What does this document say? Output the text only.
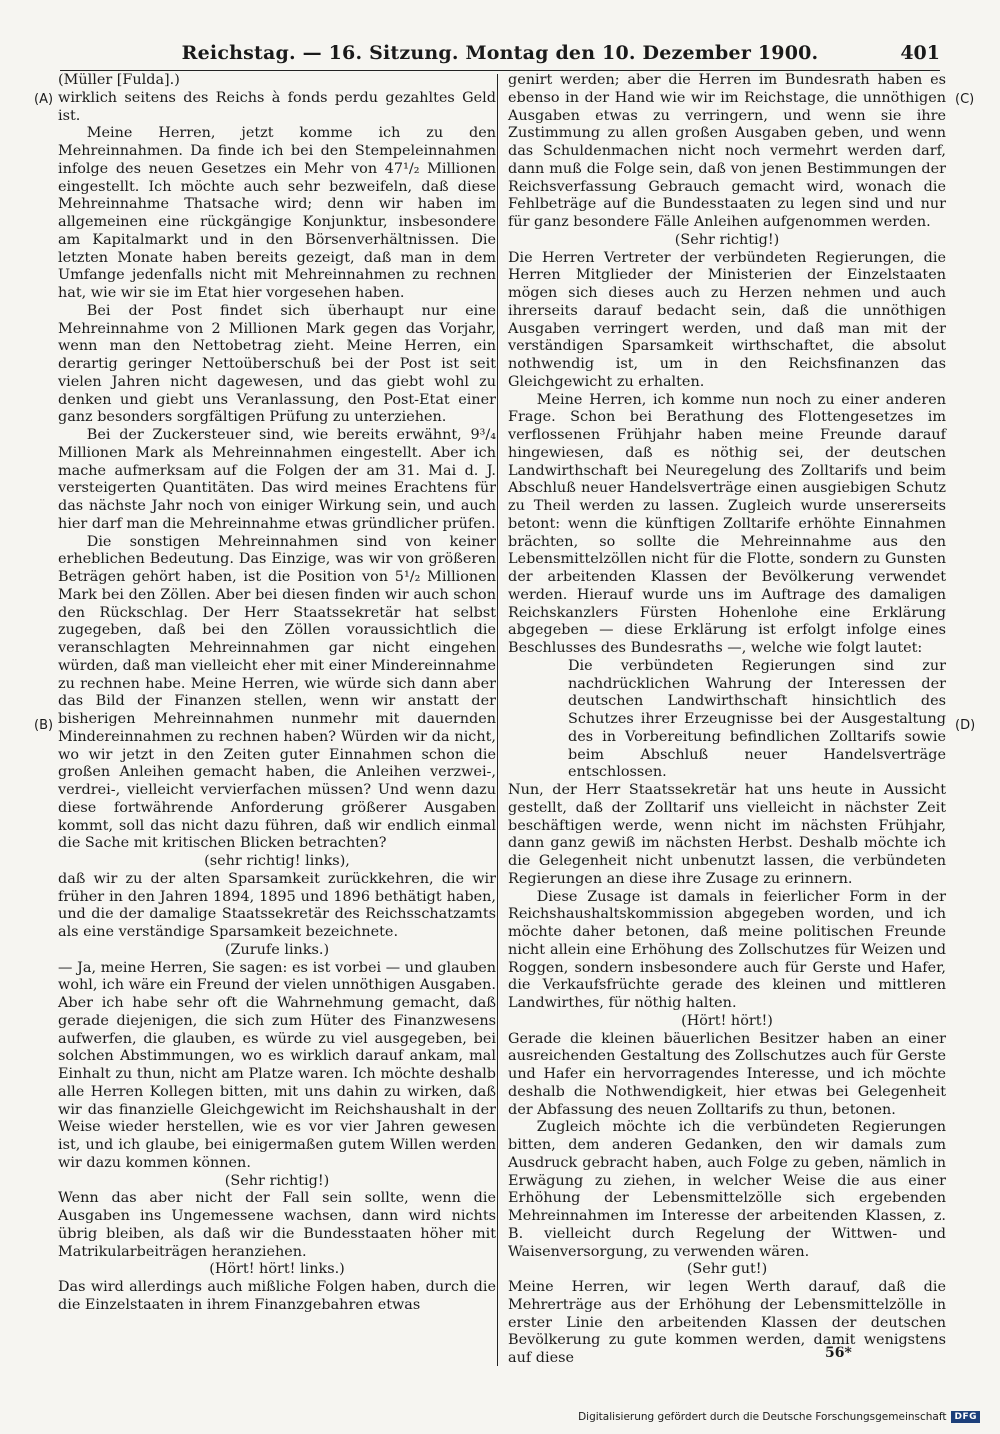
Reichstag. — 16. Sitzung. Montag den 10. Dezember 1900.	401
(A)
(B)
(C)
(D)

(Müller [Fulda].)

wirklich seitens des Reichs à fonds perdu gezahltes Geld ist.

Meine Herren, jetzt komme ich zu den Mehreinnahmen. Da finde ich bei den Stempeleinnahmen infolge des neuen Gesetzes ein Mehr von 47¹/₂ Millionen eingestellt. Ich möchte auch sehr bezweifeln, daß diese Mehreinnahme Thatsache wird; denn wir haben im allgemeinen eine rückgängige Konjunktur, insbesondere am Kapitalmarkt und in den Börsenverhältnissen. Die letzten Monate haben bereits gezeigt, daß man in dem Umfange jedenfalls nicht mit Mehreinnahmen zu rechnen hat, wie wir sie im Etat hier vorgesehen haben.

Bei der Post findet sich überhaupt nur eine Mehreinnahme von 2 Millionen Mark gegen das Vorjahr, wenn man den Nettobetrag zieht. Meine Herren, ein derartig geringer Nettoüberschuß bei der Post ist seit vielen Jahren nicht dagewesen, und das giebt wohl zu denken und giebt uns Veranlassung, den Post-Etat einer ganz besonders sorgfältigen Prüfung zu unterziehen.

Bei der Zuckersteuer sind, wie bereits erwähnt, 9³/₄ Millionen Mark als Mehreinnahmen eingestellt. Aber ich mache aufmerksam auf die Folgen der am 31. Mai d. J. versteigerten Quantitäten. Das wird meines Erachtens für das nächste Jahr noch von einiger Wirkung sein, und auch hier darf man die Mehreinnahme etwas gründlicher prüfen.

Die sonstigen Mehreinnahmen sind von keiner erheblichen Bedeutung. Das Einzige, was wir von größeren Beträgen gehört haben, ist die Position von 5¹/₂ Millionen Mark bei den Zöllen. Aber bei diesen finden wir auch schon den Rückschlag. Der Herr Staatssekretär hat selbst zugegeben, daß bei den Zöllen voraussichtlich die veranschlagten Mehreinnahmen gar nicht eingehen würden, daß man vielleicht eher mit einer Mindereinnahme zu rechnen habe. Meine Herren, wie würde sich dann aber das Bild der Finanzen stellen, wenn wir anstatt der bisherigen Mehreinnahmen nunmehr mit dauernden Mindereinnahmen zu rechnen haben? Würden wir da nicht, wo wir jetzt in den Zeiten guter Einnahmen schon die großen Anleihen gemacht haben, die Anleihen verzwei-, verdrei-, vielleicht vervierfachen müssen? Und wenn dazu diese fortwährende Anforderung größerer Ausgaben kommt, soll das nicht dazu führen, daß wir endlich einmal die Sache mit kritischen Blicken betrachten?

(sehr richtig! links),

daß wir zu der alten Sparsamkeit zurückkehren, die wir früher in den Jahren 1894, 1895 und 1896 bethätigt haben, und die der damalige Staatssekretär des Reichsschatzamts als eine verständige Sparsamkeit bezeichnete.

(Zurufe links.)

— Ja, meine Herren, Sie sagen: es ist vorbei — und glauben wohl, ich wäre ein Freund der vielen unnöthigen Ausgaben. Aber ich habe sehr oft die Wahrnehmung gemacht, daß gerade diejenigen, die sich zum Hüter des Finanzwesens aufwerfen, die glauben, es würde zu viel ausgegeben, bei solchen Abstimmungen, wo es wirklich darauf ankam, mal Einhalt zu thun, nicht am Platze waren. Ich möchte deshalb alle Herren Kollegen bitten, mit uns dahin zu wirken, daß wir das finanzielle Gleichgewicht im Reichshaushalt in der Weise wieder herstellen, wie es vor vier Jahren gewesen ist, und ich glaube, bei einigermaßen gutem Willen werden wir dazu kommen können.

(Sehr richtig!)

Wenn das aber nicht der Fall sein sollte, wenn die Ausgaben ins Ungemessene wachsen, dann wird nichts übrig bleiben, als daß wir die Bundesstaaten höher mit Matrikularbeiträgen heranziehen.

(Hört! hört! links.)

Das wird allerdings auch mißliche Folgen haben, durch die die Einzelstaaten in ihrem Finanzgebahren etwas

genirt werden; aber die Herren im Bundesrath haben es ebenso in der Hand wie wir im Reichstage, die unnöthigen Ausgaben etwas zu verringern, und wenn sie ihre Zustimmung zu allen großen Ausgaben geben, und wenn das Schuldenmachen nicht noch vermehrt werden darf, dann muß die Folge sein, daß von jenen Bestimmungen der Reichsverfassung Gebrauch gemacht wird, wonach die Fehlbeträge auf die Bundesstaaten zu legen sind und nur für ganz besondere Fälle Anleihen aufgenommen werden.

(Sehr richtig!)

Die Herren Vertreter der verbündeten Regierungen, die Herren Mitglieder der Ministerien der Einzelstaaten mögen sich dieses auch zu Herzen nehmen und auch ihrerseits darauf bedacht sein, daß die unnöthigen Ausgaben verringert werden, und daß man mit der verständigen Sparsamkeit wirthschaftet, die absolut nothwendig ist, um in den Reichsfinanzen das Gleichgewicht zu erhalten.

Meine Herren, ich komme nun noch zu einer anderen Frage. Schon bei Berathung des Flottengesetzes im verflossenen Frühjahr haben meine Freunde darauf hingewiesen, daß es nöthig sei, der deutschen Landwirthschaft bei Neuregelung des Zolltarifs und beim Abschluß neuer Handelsverträge einen ausgiebigen Schutz zu Theil werden zu lassen. Zugleich wurde unsererseits betont: wenn die künftigen Zolltarife erhöhte Einnahmen brächten, so sollte die Mehreinnahme aus den Lebensmittelzöllen nicht für die Flotte, sondern zu Gunsten der arbeitenden Klassen der Bevölkerung verwendet werden. Hierauf wurde uns im Auftrage des damaligen Reichskanzlers Fürsten Hohenlohe eine Erklärung abgegeben — diese Erklärung ist erfolgt infolge eines Beschlusses des Bundesraths —, welche wie folgt lautet:

Die verbündeten Regierungen sind zur nachdrücklichen Wahrung der Interessen der deutschen Landwirthschaft hinsichtlich des Schutzes ihrer Erzeugnisse bei der Ausgestaltung des in Vorbereitung befindlichen Zolltarifs sowie beim Abschluß neuer Handelsverträge entschlossen.

Nun, der Herr Staatssekretär hat uns heute in Aussicht gestellt, daß der Zolltarif uns vielleicht in nächster Zeit beschäftigen werde, wenn nicht im nächsten Frühjahr, dann ganz gewiß im nächsten Herbst. Deshalb möchte ich die Gelegenheit nicht unbenutzt lassen, die verbündeten Regierungen an diese ihre Zusage zu erinnern.

Diese Zusage ist damals in feierlicher Form in der Reichshaushaltskommission abgegeben worden, und ich möchte daher betonen, daß meine politischen Freunde nicht allein eine Erhöhung des Zollschutzes für Weizen und Roggen, sondern insbesondere auch für Gerste und Hafer, die Verkaufsfrüchte gerade des kleinen und mittleren Landwirthes, für nöthig halten.

(Hört! hört!)

Gerade die kleinen bäuerlichen Besitzer haben an einer ausreichenden Gestaltung des Zollschutzes auch für Gerste und Hafer ein hervorragendes Interesse, und ich möchte deshalb die Nothwendigkeit, hier etwas bei Gelegenheit der Abfassung des neuen Zolltarifs zu thun, betonen.

Zugleich möchte ich die verbündeten Regierungen bitten, dem anderen Gedanken, den wir damals zum Ausdruck gebracht haben, auch Folge zu geben, nämlich in Erwägung zu ziehen, in welcher Weise die aus einer Erhöhung der Lebensmittelzölle sich ergebenden Mehreinnahmen im Interesse der arbeitenden Klassen, z. B. vielleicht durch Regelung der Wittwen- und Waisenversorgung, zu verwenden wären.

(Sehr gut!)

Meine Herren, wir legen Werth darauf, daß die Mehrerträge aus der Erhöhung der Lebensmittelzölle in erster Linie den arbeitenden Klassen der deutschen Bevölkerung zu gute kommen werden, damit wenigstens auf diese	56*
Digitalisierung gefördert durch die Deutsche Forschungsgemeinschaft DFG
